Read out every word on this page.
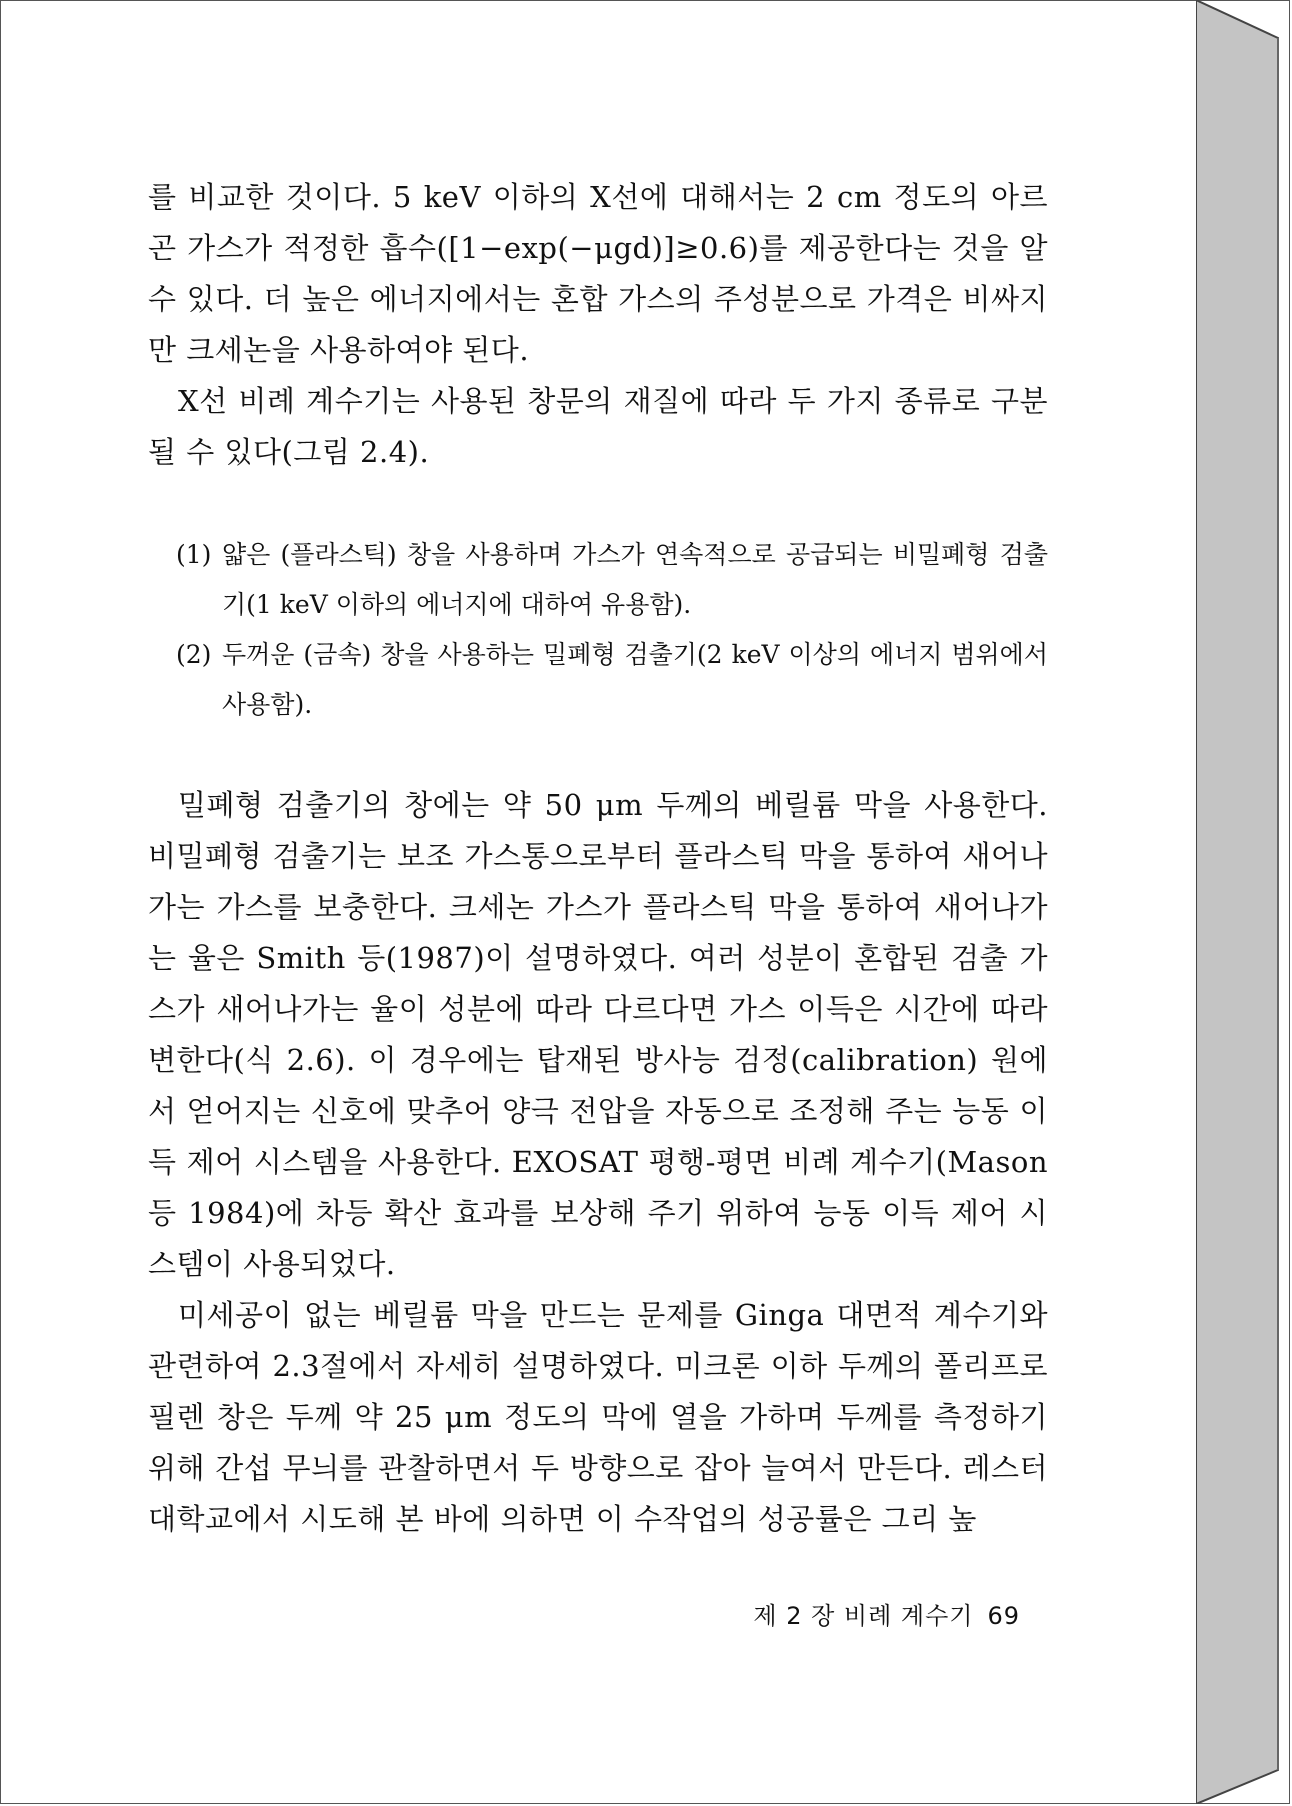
를 비교한 것이다. 5 keV 이하의 X선에 대해서는 2 cm 정도의 아르곤 가스가 적정한 흡수([1−exp(−μgd)]≥0.6)를 제공한다는 것을 알 수 있다. 더 높은 에너지에서는 혼합 가스의 주성분으로 가격은 비싸지만 크세논을 사용하여야 된다.

X선 비례 계수기는 사용된 창문의 재질에 따라 두 가지 종류로 구분될 수 있다(그림 2.4).

(1) 얇은 (플라스틱) 창을 사용하며 가스가 연속적으로 공급되는 비밀폐형 검출기(1 keV 이하의 에너지에 대하여 유용함).
(2) 두꺼운 (금속) 창을 사용하는 밀폐형 검출기(2 keV 이상의 에너지 범위에서 사용함).

밀폐형 검출기의 창에는 약 50 μm 두께의 베릴륨 막을 사용한다. 비밀폐형 검출기는 보조 가스통으로부터 플라스틱 막을 통하여 새어나가는 가스를 보충한다. 크세논 가스가 플라스틱 막을 통하여 새어나가는 율은 Smith 등(1987)이 설명하였다. 여러 성분이 혼합된 검출 가스가 새어나가는 율이 성분에 따라 다르다면 가스 이득은 시간에 따라 변한다(식 2.6). 이 경우에는 탑재된 방사능 검정(calibration) 원에서 얻어지는 신호에 맞추어 양극 전압을 자동으로 조정해 주는 능동 이득 제어 시스템을 사용한다. EXOSAT 평행-평면 비례 계수기(Mason 등 1984)에 차등 확산 효과를 보상해 주기 위하여 능동 이득 제어 시스템이 사용되었다.

미세공이 없는 베릴륨 막을 만드는 문제를 Ginga 대면적 계수기와 관련하여 2.3절에서 자세히 설명하였다. 미크론 이하 두께의 폴리프로필렌 창은 두께 약 25 μm 정도의 막에 열을 가하며 두께를 측정하기 위해 간섭 무늬를 관찰하면서 두 방향으로 잡아 늘여서 만든다. 레스터 대학교에서 시도해 본 바에 의하면 이 수작업의 성공률은 그리 높

제 2 장 비례 계수기 69
